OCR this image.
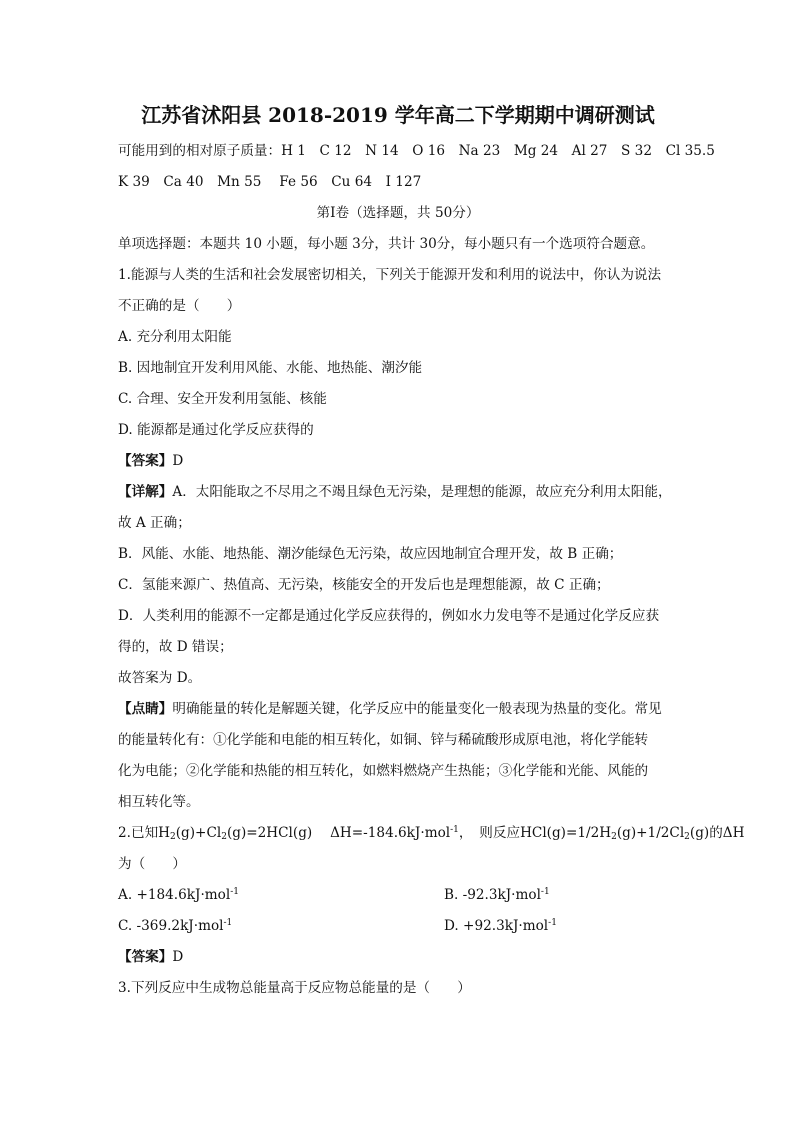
江苏省沭阳县 2018-2019 学年高二下学期期中调研测试
可能用到的相对原子质量：H 1　C 12　N 14　O 16　Na 23　Mg 24　Al 27　S 32　Cl 35.5
K 39　Ca 40　Mn 55　 Fe 56　Cu 64　I 127
第Ⅰ卷（选择题，共 50分）
单项选择题：本题共 10 小题，每小题 3分，共计 30分，每小题只有一个选项符合题意。
1.能源与人类的生活和社会发展密切相关，下列关于能源开发和利用的说法中，你认为说法
不正确的是（　　）
A. 充分利用太阳能
B. 因地制宜开发利用风能、水能、地热能、潮汐能
C. 合理、安全开发利用氢能、核能
D. 能源都是通过化学反应获得的
【答案】D
【详解】A．太阳能取之不尽用之不竭且绿色无污染，是理想的能源，故应充分利用太阳能，
故 A 正确；
B．风能、水能、地热能、潮汐能绿色无污染，故应因地制宜合理开发，故 B 正确；
C．氢能来源广、热值高、无污染，核能安全的开发后也是理想能源，故 C 正确；
D．人类利用的能源不一定都是通过化学反应获得的，例如水力发电等不是通过化学反应获
得的，故 D 错误；
故答案为 D。
【点睛】明确能量的转化是解题关键，化学反应中的能量变化一般表现为热量的变化。常见
的能量转化有：①化学能和电能的相互转化，如铜、锌与稀硫酸形成原电池，将化学能转
化为电能；②化学能和热能的相互转化，如燃料燃烧产生热能；③化学能和光能、风能的
相互转化等。
2.已知$H_2(g)+Cl_2(g)=2HCl(g)$　 ΔH=-184.6kJ·mol$^{-1}$，　则反应$HCl(g)=1/2H_2(g)+1/2Cl_2(g)$的ΔH
为（　　）
A. +184.6kJ·mol$^{-1}$	B. -92.3kJ·mol$^{-1}$
C. -369.2kJ·mol$^{-1}$	D. +92.3kJ·mol$^{-1}$
【答案】D
3.下列反应中生成物总能量高于反应物总能量的是（　　）
